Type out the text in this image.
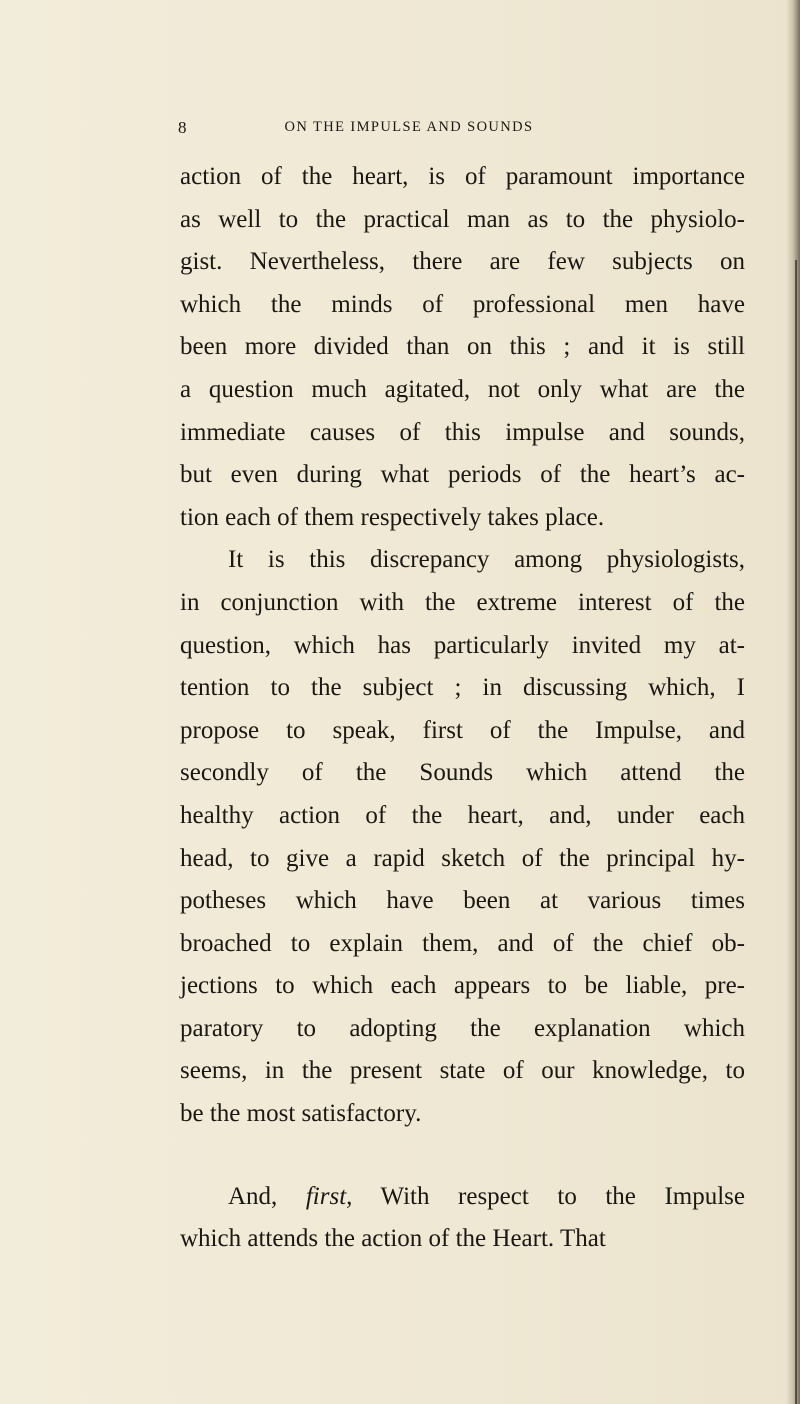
8	ON THE IMPULSE AND SOUNDS
action of the heart, is of paramount importance
as well to the practical man as to the physiolo-
gist. Nevertheless, there are few subjects on
which the minds of professional men have
been more divided than on this ; and it is still
a question much agitated, not only what are the
immediate causes of this impulse and sounds,
but even during what periods of the heart’s ac-
tion each of them respectively takes place.
It is this discrepancy among physiologists,
in conjunction with the extreme interest of the
question, which has particularly invited my at-
tention to the subject ; in discussing which, I
propose to speak, first of the Impulse, and
secondly of the Sounds which attend the
healthy action of the heart, and, under each
head, to give a rapid sketch of the principal hy-
potheses which have been at various times
broached to explain them, and of the chief ob-
jections to which each appears to be liable, pre-
paratory to adopting the explanation which
seems, in the present state of our knowledge, to
be the most satisfactory.
And, first, With respect to the Impulse
which attends the action of the Heart. That
